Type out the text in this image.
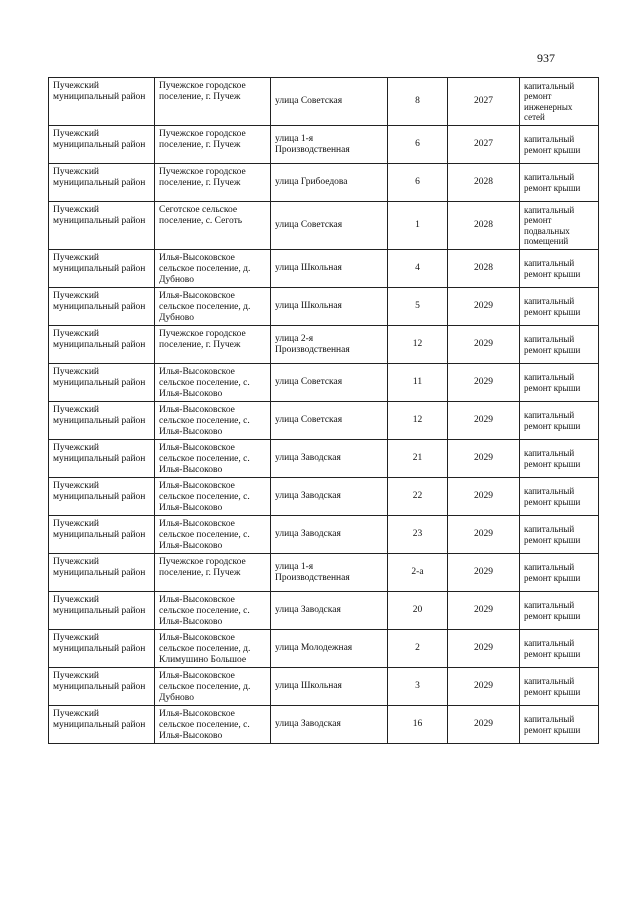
937
Пучежский муниципальный район	Пучежское городское поселение, г. Пучеж	улица Советская	8	2027	капитальный ремонт инженерных сетей
Пучежский муниципальный район	Пучежское городское поселение, г. Пучеж	улица 1-я Производственная	6	2027	капитальный ремонт крыши
Пучежский муниципальный район	Пучежское городское поселение, г. Пучеж	улица Грибоедова	6	2028	капитальный ремонт крыши
Пучежский муниципальный район	Сеготское сельское поселение, с. Сеготь	улица Советская	1	2028	капитальный ремонт подвальных помещений
Пучежский муниципальный район	Илья-Высоковское сельское поселение, д. Дубново	улица Школьная	4	2028	капитальный ремонт крыши
Пучежский муниципальный район	Илья-Высоковское сельское поселение, д. Дубново	улица Школьная	5	2029	капитальный ремонт крыши
Пучежский муниципальный район	Пучежское городское поселение, г. Пучеж	улица 2-я Производственная	12	2029	капитальный ремонт крыши
Пучежский муниципальный район	Илья-Высоковское сельское поселение, с. Илья-Высоково	улица Советская	11	2029	капитальный ремонт крыши
Пучежский муниципальный район	Илья-Высоковское сельское поселение, с. Илья-Высоково	улица Советская	12	2029	капитальный ремонт крыши
Пучежский муниципальный район	Илья-Высоковское сельское поселение, с. Илья-Высоково	улица Заводская	21	2029	капитальный ремонт крыши
Пучежский муниципальный район	Илья-Высоковское сельское поселение, с. Илья-Высоково	улица Заводская	22	2029	капитальный ремонт крыши
Пучежский муниципальный район	Илья-Высоковское сельское поселение, с. Илья-Высоково	улица Заводская	23	2029	капитальный ремонт крыши
Пучежский муниципальный район	Пучежское городское поселение, г. Пучеж	улица 1-я Производственная	2-а	2029	капитальный ремонт крыши
Пучежский муниципальный район	Илья-Высоковское сельское поселение, с. Илья-Высоково	улица Заводская	20	2029	капитальный ремонт крыши
Пучежский муниципальный район	Илья-Высоковское сельское поселение, д. Климушино Большое	улица Молодежная	2	2029	капитальный ремонт крыши
Пучежский муниципальный район	Илья-Высоковское сельское поселение, д. Дубново	улица Школьная	3	2029	капитальный ремонт крыши
Пучежский муниципальный район	Илья-Высоковское сельское поселение, с. Илья-Высоково	улица Заводская	16	2029	капитальный ремонт крыши
